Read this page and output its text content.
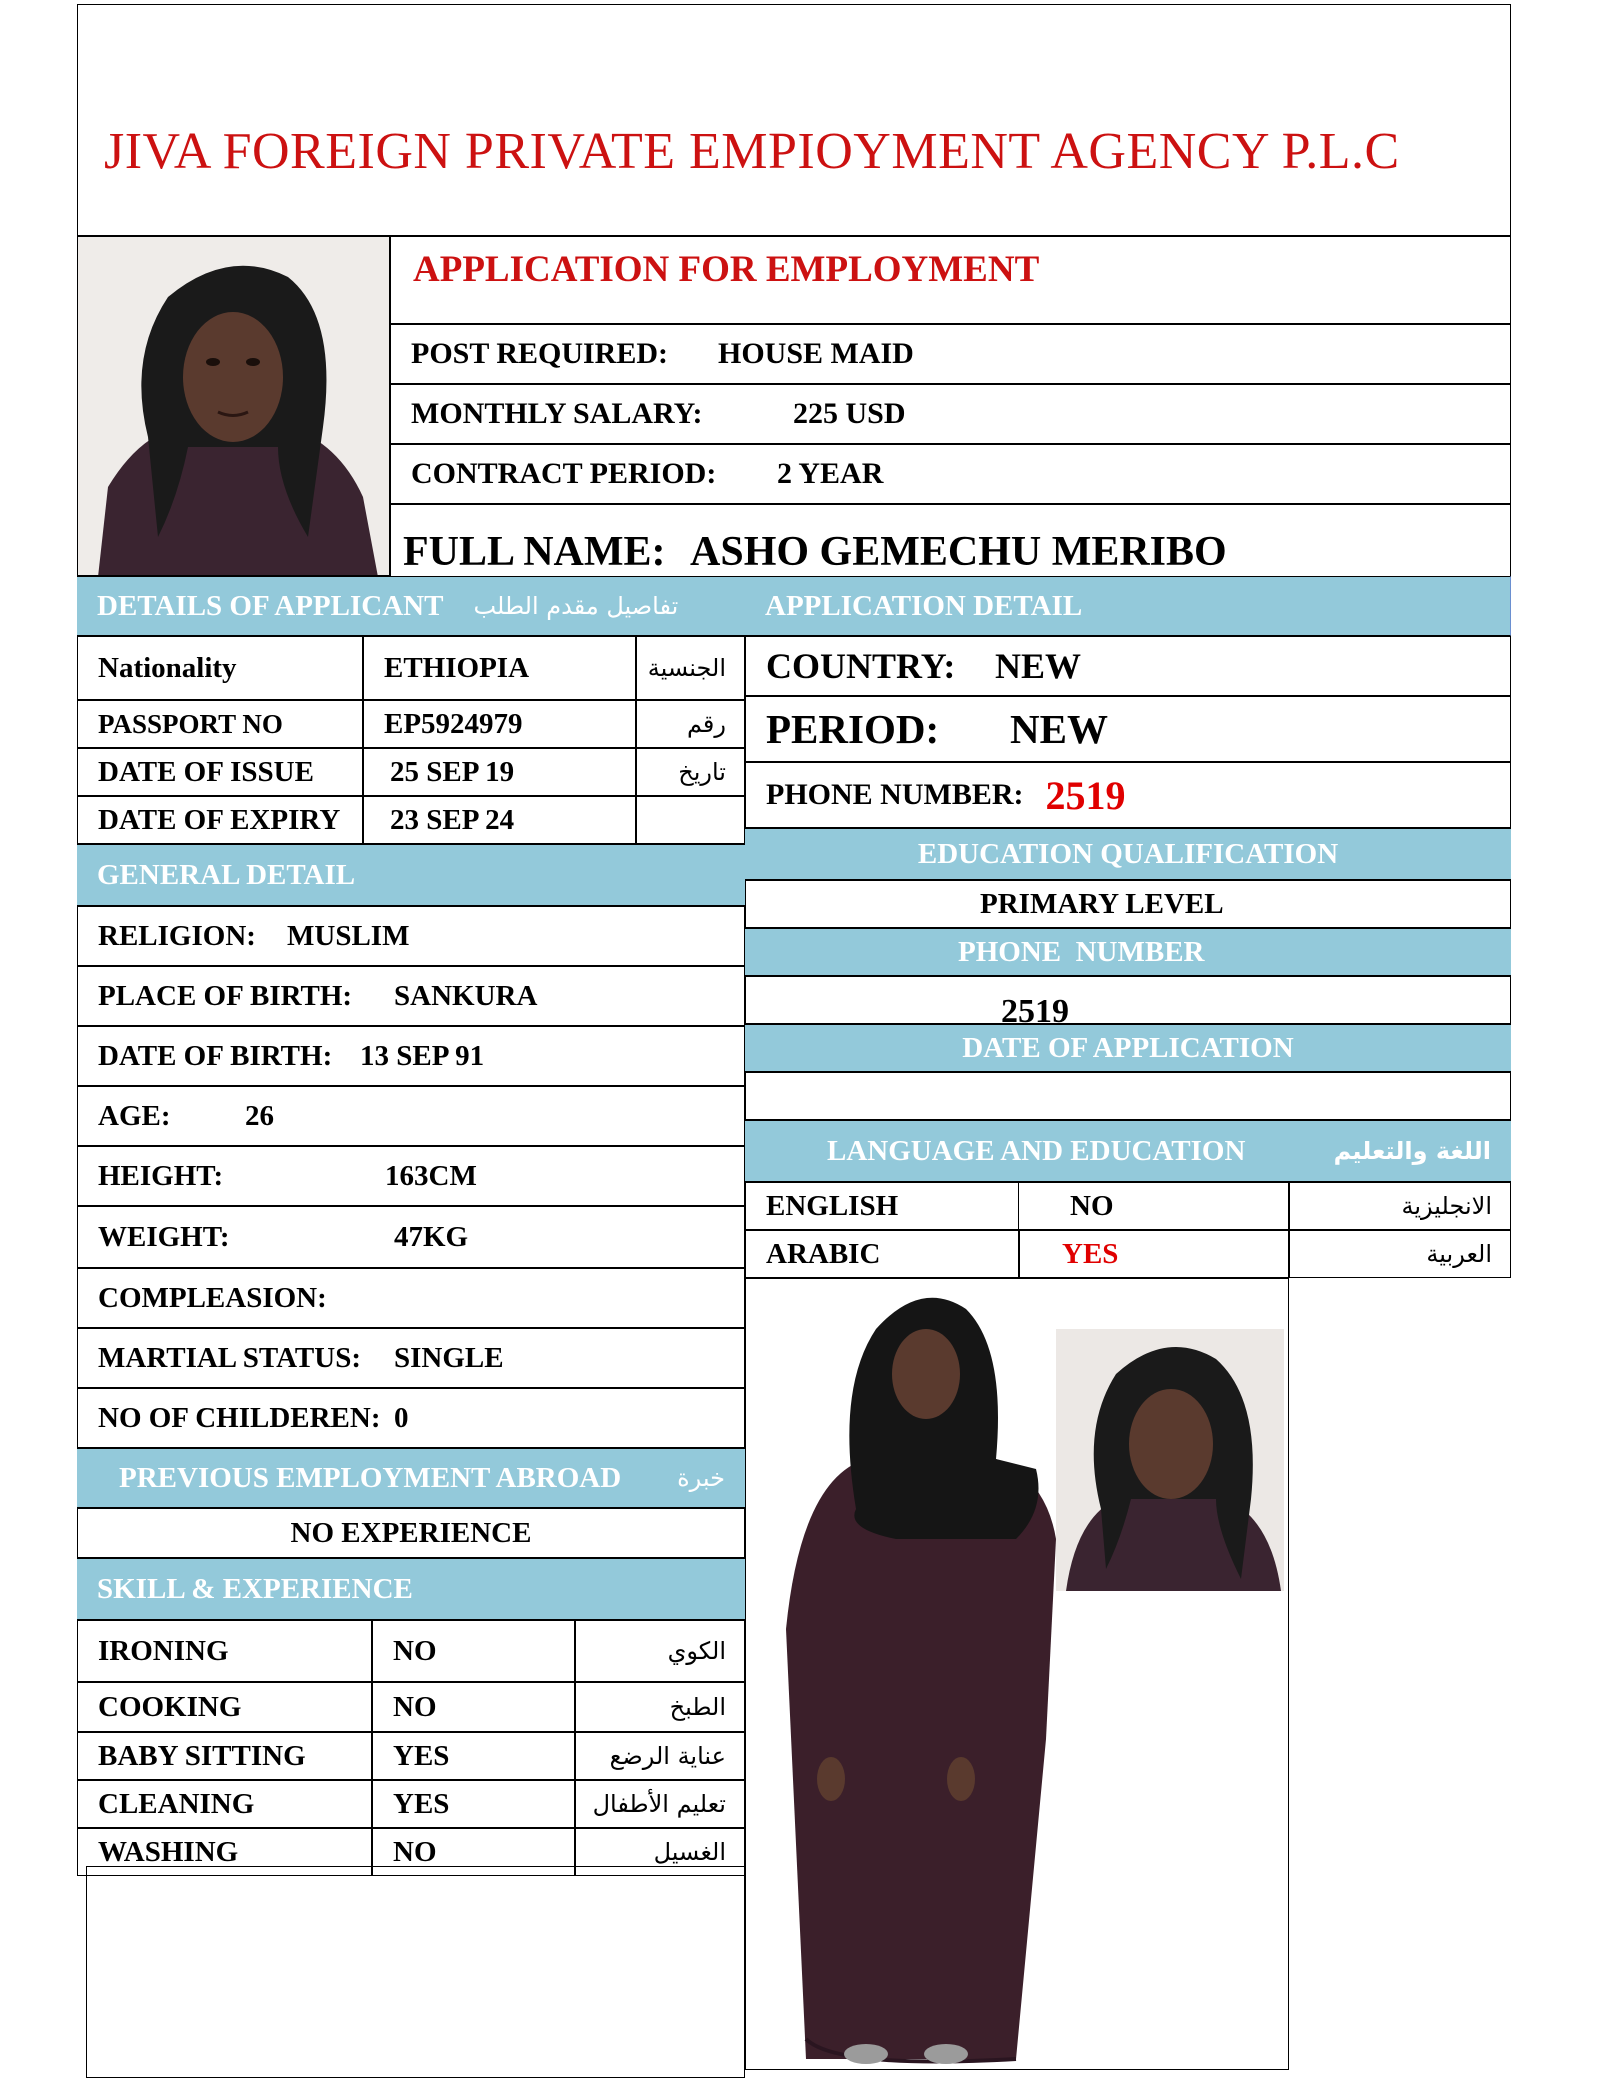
JIVA FOREIGN PRIVATE EMPIOYMENT AGENCY P.L.C
APPLICATION FOR EMPLOYMENT
POST REQUIRED:	HOUSE MAID
MONTHLY SALARY:	225 USD
CONTRACT PERIOD:	2 YEAR
FULL NAME: ASHO GEMECHU MERIBO
DETAILS OF APPLICANT تفاصيل مقدم الطلب
Nationality	ETHIOPIA	الجنسية
PASSPORT NO	EP5924979	رقم
DATE OF ISSUE	25 SEP 19	تاريخ
DATE OF EXPIRY 23 SEP 24
GENERAL DETAIL
RELIGION:	MUSLIM
PLACE OF BIRTH:	SANKURA
DATE OF BIRTH: 13 SEP 91
AGE:	26
HEIGHT:	163CM
WEIGHT:	47KG
COMPLEASION:
MARTIAL STATUS:	SINGLE
NO OF CHILDEREN: 0
PREVIOUS EMPLOYMENT ABROAD خبرة
NO EXPERIENCE
SKILL & EXPERIENCE
IRONING	NO	الكوي
COOKING	NO	الطبخ
BABY SITTING	YES	عناية الرضع
CLEANING	YES	تعليم الأطفال
WASHING	NO	الغسيل
APPLICATION DETAIL
COUNTRY:	NEW
PERIOD:	NEW
PHONE NUMBER: 2519
EDUCATION QUALIFICATION
PRIMARY LEVEL
PHONE  NUMBER
2519
DATE OF APPLICATION
LANGUAGE AND EDUCATION	اللغة والتعليم
ENGLISH	NO	الانجليزية
ARABIC	YES	العربية
